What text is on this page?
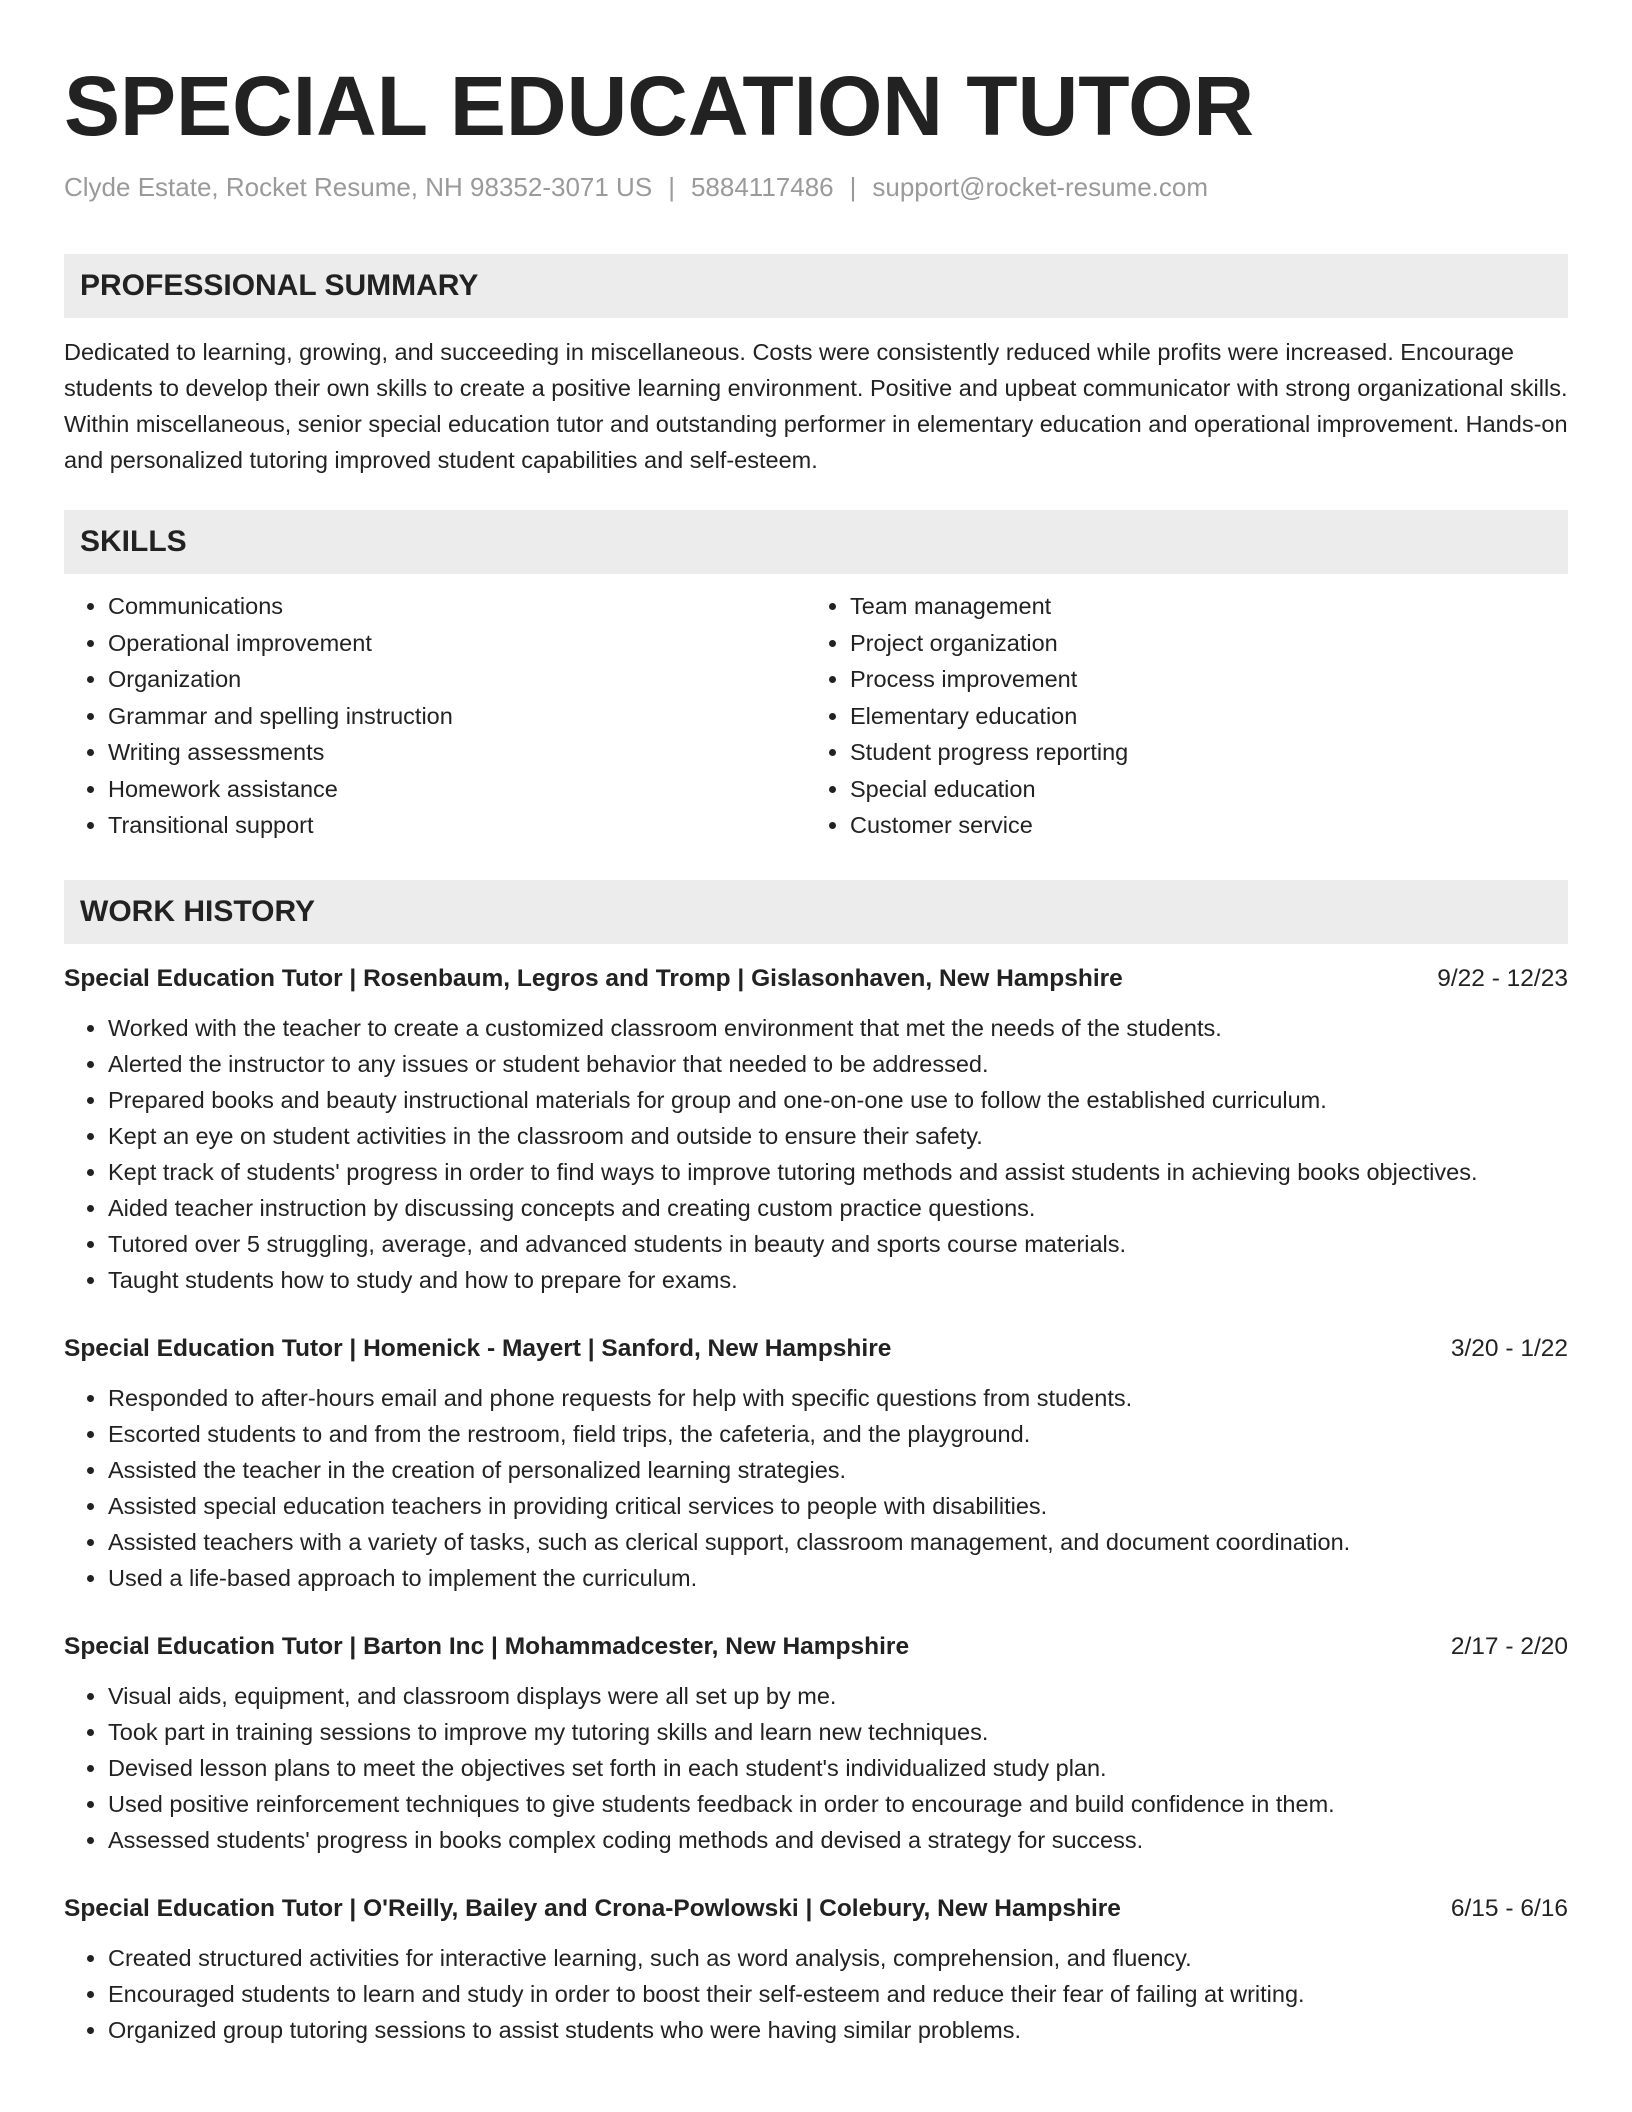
SPECIAL EDUCATION TUTOR
Clyde Estate, Rocket Resume, NH 98352-3071 US | 5884117486 | support@rocket-resume.com
PROFESSIONAL SUMMARY
Dedicated to learning, growing, and succeeding in miscellaneous. Costs were consistently reduced while profits were increased. Encourage students to develop their own skills to create a positive learning environment. Positive and upbeat communicator with strong organizational skills. Within miscellaneous, senior special education tutor and outstanding performer in elementary education and operational improvement. Hands-on and personalized tutoring improved student capabilities and self-esteem.
SKILLS
• Communications
• Operational improvement
• Organization
• Grammar and spelling instruction
• Writing assessments
• Homework assistance
• Transitional support
• Team management
• Project organization
• Process improvement
• Elementary education
• Student progress reporting
• Special education
• Customer service
WORK HISTORY
Special Education Tutor | Rosenbaum, Legros and Tromp | Gislasonhaven, New Hampshire	9/22 - 12/23
• Worked with the teacher to create a customized classroom environment that met the needs of the students.
• Alerted the instructor to any issues or student behavior that needed to be addressed.
• Prepared books and beauty instructional materials for group and one-on-one use to follow the established curriculum.
• Kept an eye on student activities in the classroom and outside to ensure their safety.
• Kept track of students' progress in order to find ways to improve tutoring methods and assist students in achieving books objectives.
• Aided teacher instruction by discussing concepts and creating custom practice questions.
• Tutored over 5 struggling, average, and advanced students in beauty and sports course materials.
• Taught students how to study and how to prepare for exams.
Special Education Tutor | Homenick - Mayert | Sanford, New Hampshire	3/20 - 1/22
• Responded to after-hours email and phone requests for help with specific questions from students.
• Escorted students to and from the restroom, field trips, the cafeteria, and the playground.
• Assisted the teacher in the creation of personalized learning strategies.
• Assisted special education teachers in providing critical services to people with disabilities.
• Assisted teachers with a variety of tasks, such as clerical support, classroom management, and document coordination.
• Used a life-based approach to implement the curriculum.
Special Education Tutor | Barton Inc | Mohammadcester, New Hampshire	2/17 - 2/20
• Visual aids, equipment, and classroom displays were all set up by me.
• Took part in training sessions to improve my tutoring skills and learn new techniques.
• Devised lesson plans to meet the objectives set forth in each student's individualized study plan.
• Used positive reinforcement techniques to give students feedback in order to encourage and build confidence in them.
• Assessed students' progress in books complex coding methods and devised a strategy for success.
Special Education Tutor | O'Reilly, Bailey and Crona-Powlowski | Colebury, New Hampshire	6/15 - 6/16
• Created structured activities for interactive learning, such as word analysis, comprehension, and fluency.
• Encouraged students to learn and study in order to boost their self-esteem and reduce their fear of failing at writing.
• Organized group tutoring sessions to assist students who were having similar problems.
